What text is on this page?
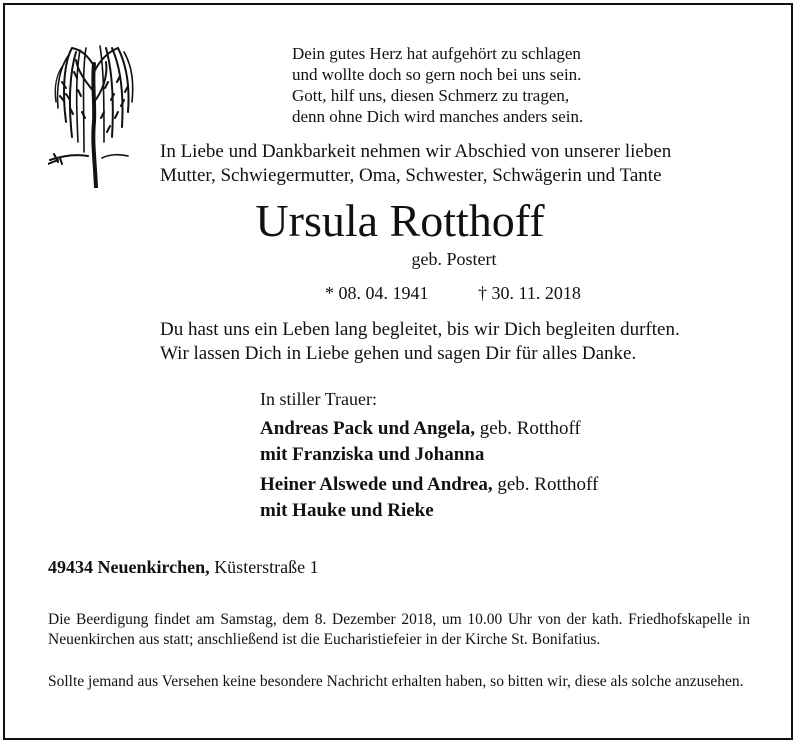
Dein gutes Herz hat aufgehört zu schlagen
und wollte doch so gern noch bei uns sein.
Gott, hilf uns, diesen Schmerz zu tragen,
denn ohne Dich wird manches anders sein.
In Liebe und Dankbarkeit nehmen wir Abschied von unserer lieben
Mutter, Schwiegermutter, Oma, Schwester, Schwägerin und Tante
Ursula Rotthoff
geb. Postert
* 08. 04. 1941	† 30. 11. 2018
Du hast uns ein Leben lang begleitet, bis wir Dich begleiten durften.
Wir lassen Dich in Liebe gehen und sagen Dir für alles Danke.
In stiller Trauer:
Andreas Pack und Angela, geb. Rotthoff
mit Franziska und Johanna
Heiner Alswede und Andrea, geb. Rotthoff
mit Hauke und Rieke
49434 Neuenkirchen, Küsterstraße 1
Die Beerdigung findet am Samstag, dem 8. Dezember 2018, um 10.00 Uhr von der kath. Friedhofskapelle in Neuenkirchen aus statt; anschließend ist die Eucharistiefeier in der Kirche St. Bonifatius.
Sollte jemand aus Versehen keine besondere Nachricht erhalten haben, so bitten wir, diese als solche anzusehen.
